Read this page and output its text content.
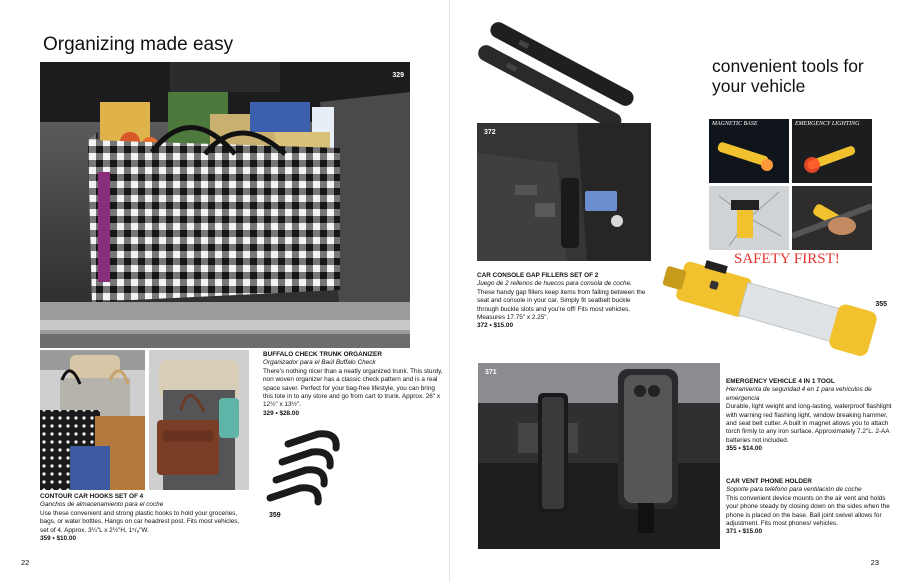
Organizing made easy
329
359
BUFFALO CHECK TRUNK ORGANIZER
Organizador para el Baúl Buffalo Check
There's nothing nicer than a neatly organized trunk. This sturdy, non woven organizer has a classic check pattern and is a real space saver. Perfect for your bag-free lifestyle, you can bring this tote in to any store and go from cart to trunk. Approx. 26" x 12½" x 13½".
329 • $28.00
CONTOUR CAR HOOKS SET OF 4
Ganchos de almacenamiento para el coche
Use these convenient and strong plastic hooks to hold your groceries, bags, or water bottles. Hangs on car headrest post. Fits most vehicles, set of 4. Approx. 3¼"L x 2½"H, 1⁵/₈"W.
359 • $10.00
22
convenient tools for your vehicle
372
MAGNETIC BASE	EMERGENCY LIGHTING
SAFETY FIRST!
355
CAR CONSOLE GAP FILLERS SET OF 2
Juego de 2 rellenos de huecos para consola de coche.
These handy gap fillers keep items from falling between the seat and console in your car. Simply fit seatbelt buckle through buckle slots and you're off! Fits most vehicles. Measures 17.75" x 2.25".
372 • $15.00
371
EMERGENCY VEHICLE 4 IN 1 TOOL
Herramienta de seguridad 4 en 1 para vehículos de emergencia
Durable, light weight and long-lasting, waterproof flashlight with warning red flashing light, window breaking hammer, and seat belt cutter. A built in magnet allows you to attach torch firmly to any iron surface. Approximately 7.2"L. 2-AA batteries not included.
355 • $14.00
CAR VENT PHONE HOLDER
Soporte para teléfono para ventilación de coche
This convenient device mounts on the air vent and holds your phone steady by closing down on the sides when the phone is placed on the base. Ball joint swivel allows for adjustment. Fits most phones/ vehicles.
371 • $15.00
23
